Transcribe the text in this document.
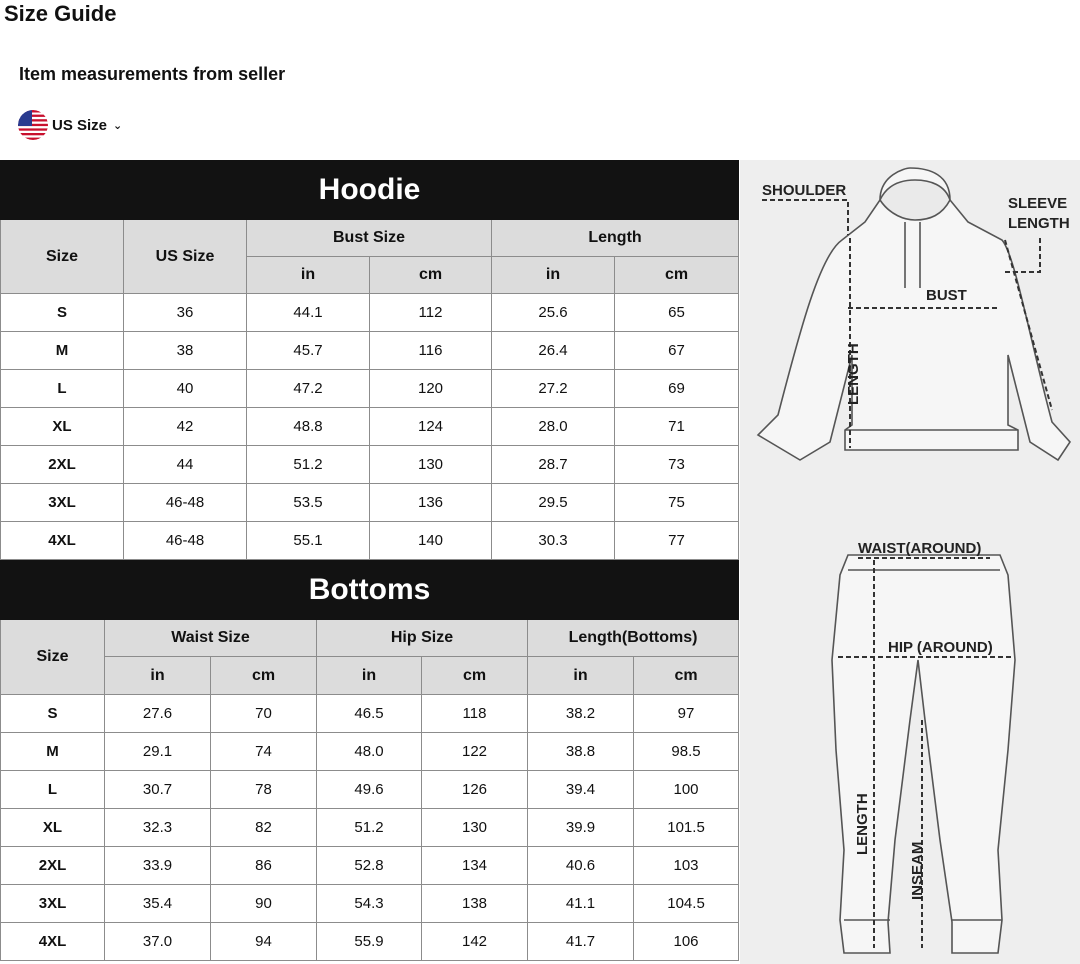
Size Guide
Item measurements from seller
US Size ⌄
Hoodie					
Size	US Size	Bust Size		Length	
		in	cm	in	cm
S	36	44.1	112	25.6	65
M	38	45.7	116	26.4	67
L	40	47.2	120	27.2	69
XL	42	48.8	124	28.0	71
2XL	44	51.2	130	28.7	73
3XL	46-48	53.5	136	29.5	75
4XL	46-48	55.1	140	30.3	77
Bottoms						
Size	Waist Size		Hip Size		Length(Bottoms)	
	in	cm	in	cm	in	cm
S	27.6	70	46.5	118	38.2	97
M	29.1	74	48.0	122	38.8	98.5
L	30.7	78	49.6	126	39.4	100
XL	32.3	82	51.2	130	39.9	101.5
2XL	33.9	86	52.8	134	40.6	103
3XL	35.4	90	54.3	138	41.1	104.5
4XL	37.0	94	55.9	142	41.7	106
SHOULDER
SLEEVE
LENGTH
BUST
LENGTH
WAIST(AROUND)
HIP (AROUND)
LENGTH
INSEAM
